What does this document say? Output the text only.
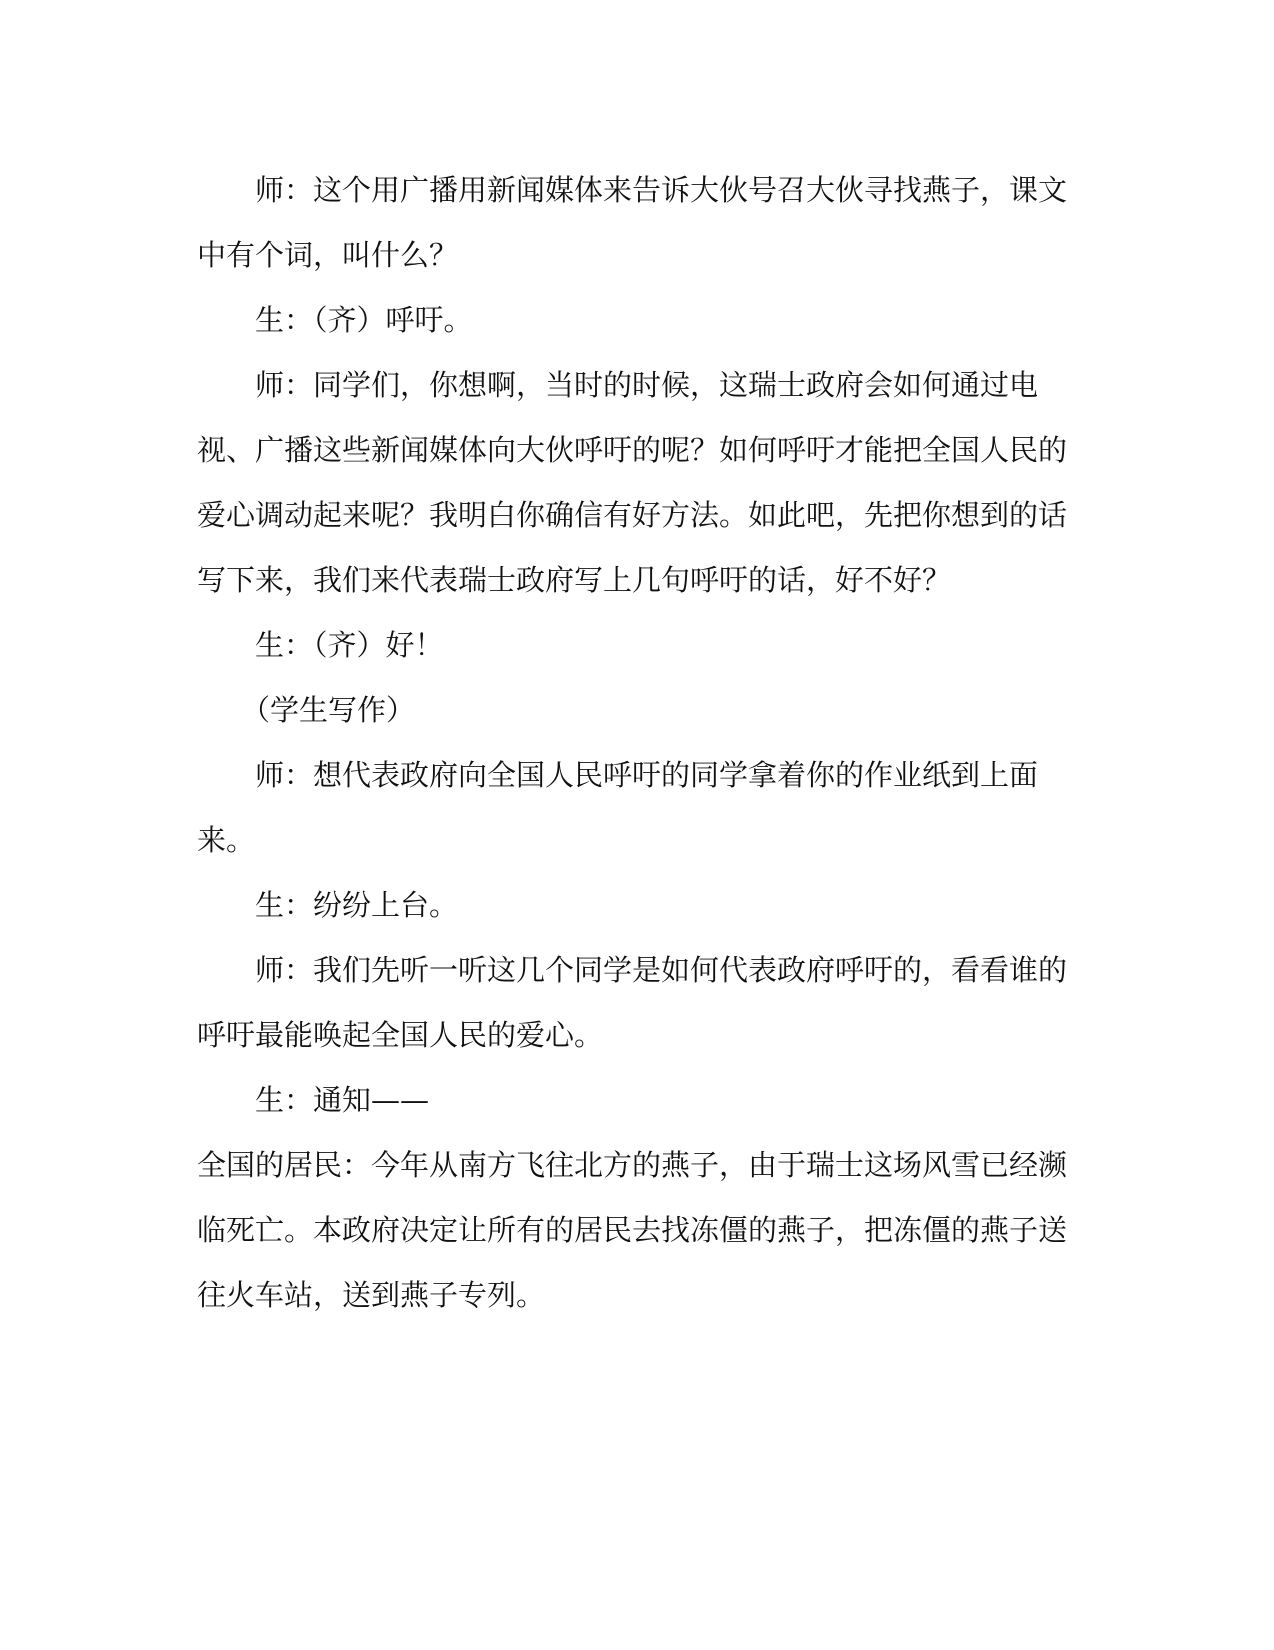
师：这个用广播用新闻媒体来告诉大伙号召大伙寻找燕子，课文中有个词，叫什么？

生：（齐）呼吁。

师：同学们，你想啊，当时的时候，这瑞士政府会如何通过电视、广播这些新闻媒体向大伙呼吁的呢？如何呼吁才能把全国人民的爱心调动起来呢？我明白你确信有好方法。如此吧，先把你想到的话写下来，我们来代表瑞士政府写上几句呼吁的话，好不好？

生：（齐）好！

（学生写作）

师：想代表政府向全国人民呼吁的同学拿着你的作业纸到上面来。

生：纷纷上台。

师：我们先听一听这几个同学是如何代表政府呼吁的，看看谁的呼吁最能唤起全国人民的爱心。

生：通知——

全国的居民：今年从南方飞往北方的燕子，由于瑞士这场风雪已经濒临死亡。本政府决定让所有的居民去找冻僵的燕子，把冻僵的燕子送往火车站，送到燕子专列。
